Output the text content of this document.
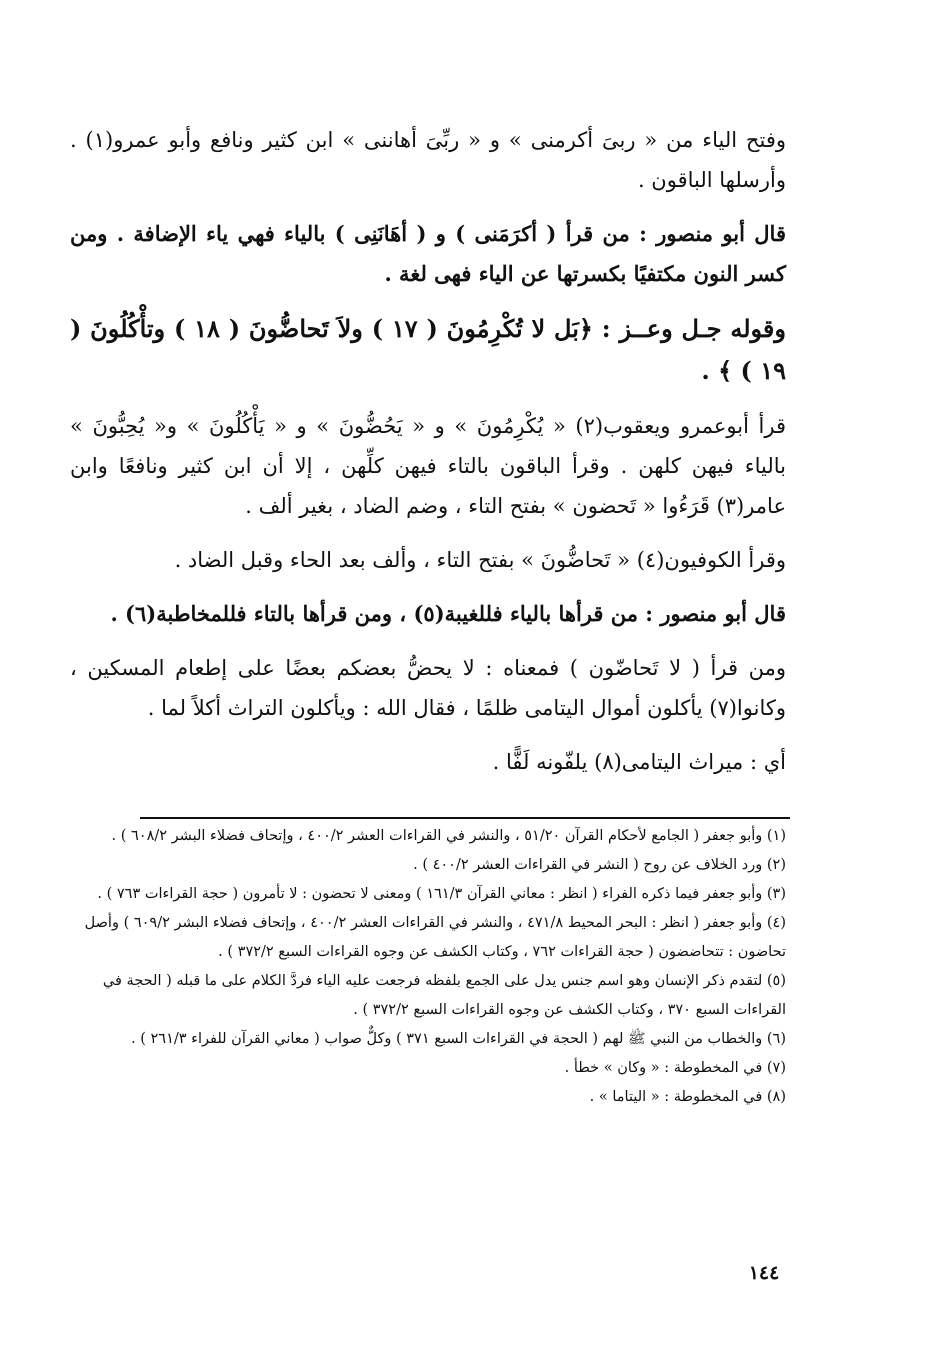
وفتح الياء من « ربىَ أكرمنى » و « ربِّىَ أهاننى » ابن كثير ونافع وأبو عمرو(١) . وأرسلها الباقون .

قال أبو منصور : من قرأ ( أكرَمَنى ) و ( أهَانَنِى ) بالياء فهي ياء الإضافة . ومن كسر النون مكتفيًا بكسرتها عن الياء فهى لغة .

وقوله جـل وعــز : ﴿بَل لا تُكْرِمُونَ ( ١٧ ) ولاَ تَحاضُّونَ ( ١٨ ) وتأْكُلُونَ ( ١٩ ) ﴾ .

قرأ أبوعمرو ويعقوب(٢) « يُكْرِمُونَ » و « يَحُضُّونَ » و « يَأْكُلُونَ » و« يُحِبُّونَ » بالياء فيهن كلهن . وقرأ الباقون بالتاء فيهن كلِّهن ، إلا أن ابن كثير ونافعًا وابن عامر(٣) قَرَءُوا « تَحضون » بفتح التاء ، وضم الضاد ، بغير ألف .

وقرأ الكوفيون(٤) « تَحاضُّونَ » بفتح التاء ، وألف بعد الحاء وقبل الضاد .

قال أبو منصور : من قرأها بالياء فللغيبة(٥) ، ومن قرأها بالتاء فللمخاطبة(٦) .

ومن قرأ ( لا تَحاضّون ) فمعناه : لا يحضُّ بعضكم بعضًا على إطعام المسكين ، وكانوا(٧) يأكلون أموال اليتامى ظلمًا ، فقال الله : ويأكلون التراث أكلاً لما .

أي : ميراث اليتامى(٨) يلفّونه لَفًّا .

(١) وأبو جعفر ( الجامع لأحكام القرآن ٥١/٢٠ ، والنشر في القراءات العشر ٤٠٠/٢ ، وإتحاف فضلاء البشر ٦٠٨/٢ ) .

(٢) ورد الخلاف عن روح ( النشر في القراءات العشر ٤٠٠/٢ ) .

(٣) وأبو جعفر فيما ذكره الفراء ( انظر : معاني القرآن ١٦١/٣ ) ومعنى لا تحضون : لا تأمرون ( حجة القراءات ٧٦٣ ) .

(٤) وأبو جعفر ( انظر : البحر المحيط ٤٧١/٨ ، والنشر في القراءات العشر ٤٠٠/٢ ، وإتحاف فضلاء البشر ٦٠٩/٢ ) وأصل تحاضون : تتحاضضون ( حجة القراءات ٧٦٢ ، وكتاب الكشف عن وجوه القراءات السبع ٣٧٢/٢ ) .

(٥) لتقدم ذكر الإنسان وهو اسم جنس يدل على الجمع بلفظه فرجعت عليه الياء فردَّ الكلام على ما قبله ( الحجة في القراءات السبع ٣٧٠ ، وكتاب الكشف عن وجوه القراءات السبع ٣٧٢/٢ ) .

(٦) والخطاب من النبي ﷺ لهم ( الحجة في القراءات السبع ٣٧١ ) وكلٌّ صواب ( معاني القرآن للفراء ٢٦١/٣ ) .

(٧) في المخطوطة : « وكان » خطأ .

(٨) في المخطوطة : « اليتاما » .

١٤٤
